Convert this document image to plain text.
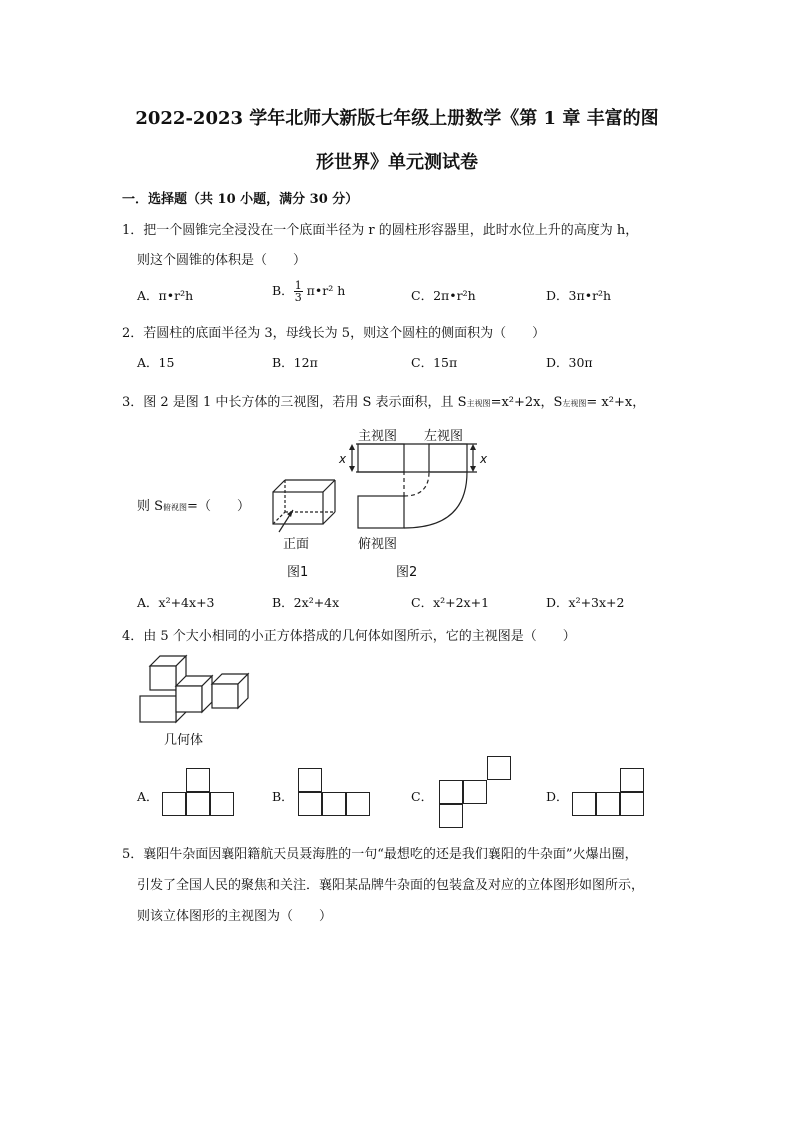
2022-2023 学年北师大新版七年级上册数学《第 1 章 丰富的图
形世界》单元测试卷
一．选择题（共 10 小题，满分 30 分）
1．把一个圆锥完全浸没在一个底面半径为 r 的圆柱形容器里，此时水位上升的高度为 h，
则这个圆锥的体积是（　　）
A．π•r²h	B． $\frac{1}{3}$ π•r² h	C．2π•r²h	D．3π•r²h
2．若圆柱的底面半径为 3，母线长为 5，则这个圆柱的侧面积为（　　）
A．15	B．12π	C．15π	D．30π
3．图 2 是图 1 中长方体的三视图，若用 S 表示面积，且 S主视图=x²+2x，S左视图= x²+x，
则 S俯视图=（　　）
正面
图1
主视图 左视图
x	x
俯视图
图2
A．x²+4x+3	B．2x²+4x	C．x²+2x+1	D．x²+3x+2
4．由 5 个大小相同的小正方体搭成的几何体如图所示，它的主视图是（　　）
几何体
A．	B．	C．	D．
5．襄阳牛杂面因襄阳籍航天员聂海胜的一句“最想吃的还是我们襄阳的牛杂面”火爆出圈，
引发了全国人民的聚焦和关注．襄阳某品牌牛杂面的包装盒及对应的立体图形如图所示，
则该立体图形的主视图为（　　）
